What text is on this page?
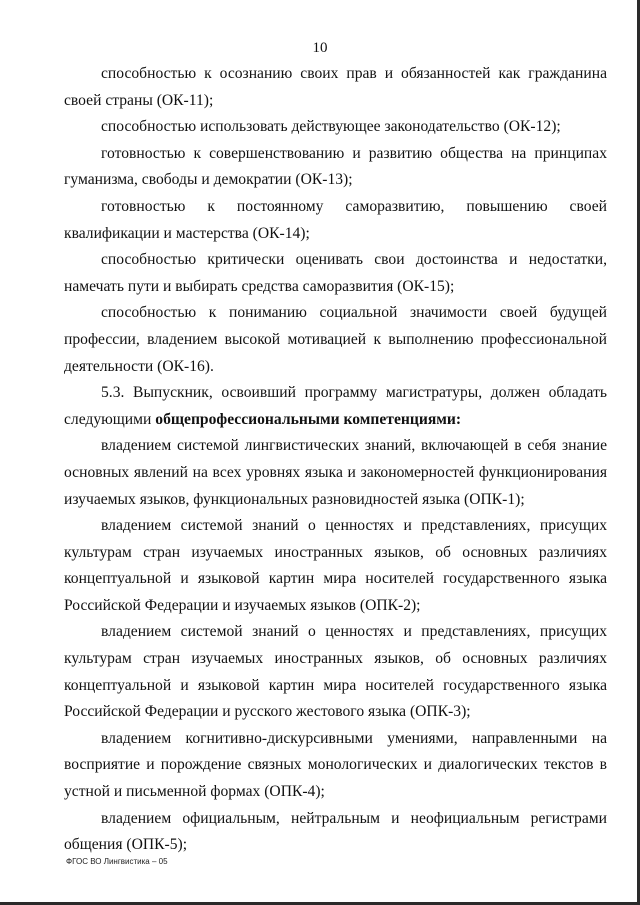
10

способностью к осознанию своих прав и обязанностей как гражданина своей страны (ОК-11);

способностью использовать действующее законодательство (ОК-12);

готовностью к совершенствованию и развитию общества на принципах гуманизма, свободы и демократии (ОК-13);

готовностью к постоянному саморазвитию, повышению своей квалификации и мастерства (ОК-14);

способностью критически оценивать свои достоинства и недостатки, намечать пути и выбирать средства саморазвития (ОК-15);

способностью к пониманию социальной значимости своей будущей профессии, владением высокой мотивацией к выполнению профессиональной деятельности (ОК-16).

5.3. Выпускник, освоивший программу магистратуры, должен обладать следующими общепрофессиональными компетенциями:

владением системой лингвистических знаний, включающей в себя знание основных явлений на всех уровнях языка и закономерностей функционирования изучаемых языков, функциональных разновидностей языка (ОПК-1);

владением системой знаний о ценностях и представлениях, присущих культурам стран изучаемых иностранных языков, об основных различиях концептуальной и языковой картин мира носителей государственного языка Российской Федерации и изучаемых языков (ОПК-2);

владением системой знаний о ценностях и представлениях, присущих культурам стран изучаемых иностранных языков, об основных различиях концептуальной и языковой картин мира носителей государственного языка Российской Федерации и русского жестового языка (ОПК-3);

владением когнитивно-дискурсивными умениями, направленными на восприятие и порождение связных монологических и диалогических текстов в устной и письменной формах (ОПК-4);

владением официальным, нейтральным и неофициальным регистрами общения (ОПК-5);

ФГОС ВО Лингвистика – 05
